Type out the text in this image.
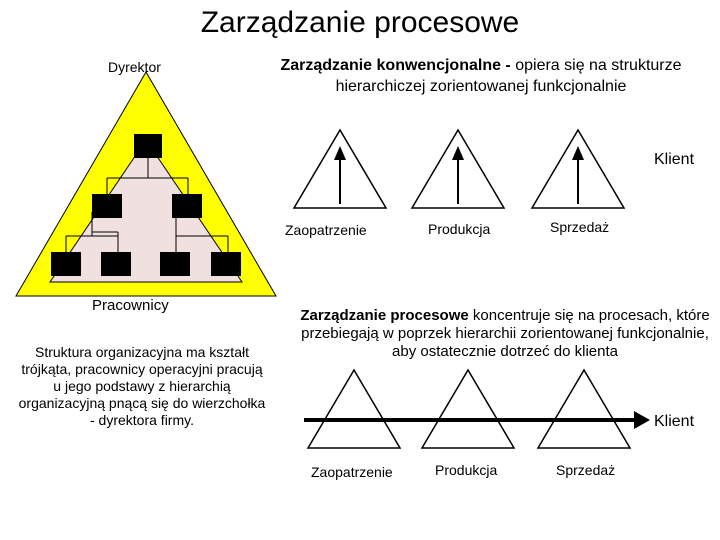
Zarządzanie procesowe
Dyrektor
Pracownicy
Struktura organizacyjna ma kształt trójkąta, pracownicy operacyjni pracują u jego podstawy z hierarchią organizacyjną pnącą się do wierzchołka - dyrektora firmy.
Zarządzanie konwencjonalne - opiera się na strukturze hierarchiczej zorientowanej funkcjonalnie
Klient
Zaopatrzenie	Produkcja	Sprzedaż
Zarządzanie procesowe koncentruje się na procesach, które przebiegają w poprzek hierarchii zorientowanej funkcjonalnie, aby ostatecznie dotrzeć do klienta
Klient
Zaopatrzenie	Produkcja	Sprzedaż
